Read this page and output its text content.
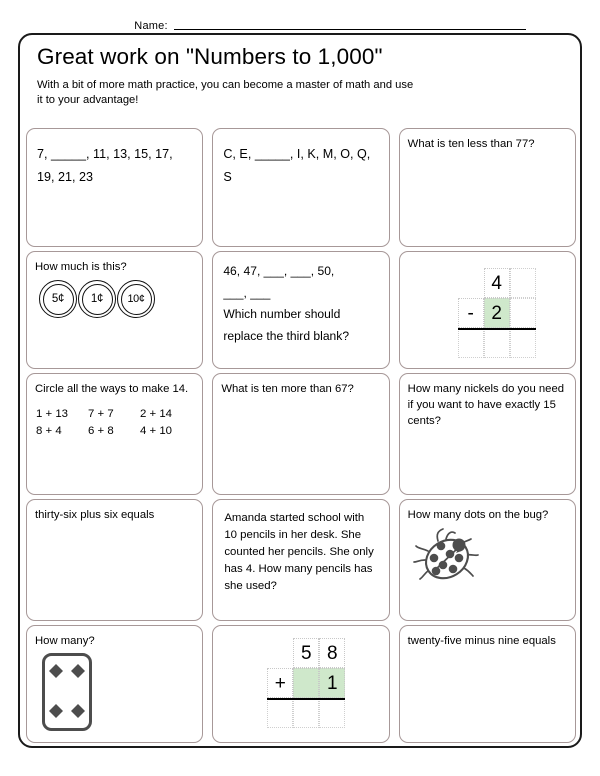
Name:
Great work on "Numbers to 1,000"

With a bit of more math practice, you can become a master of math and use it to your advantage!

7, _____, 11, 13, 15, 17, 19, 21, 23

C, E, _____, I, K, M, O, Q, S

What is ten less than 77?

How much is this?

5¢ 1¢ 10¢

46, 47, ___, ___, 50,

___, ___

Which number should

replace the third blank?

4
- 2

Circle all the ways to make 14.

1 + 13	7 + 7	2 + 14
8 + 4	6 + 8	4 + 10

What is ten more than 67?	How many nickels do you need if you want to have exactly 15 cents?

thirty-six plus six equals	Amanda started school with 10 pencils in her desk. She counted her pencils. She only has 4. How many pencils has she used?

How many dots on the bug?

How many?

5 8
+	1

twenty-five minus nine equals
